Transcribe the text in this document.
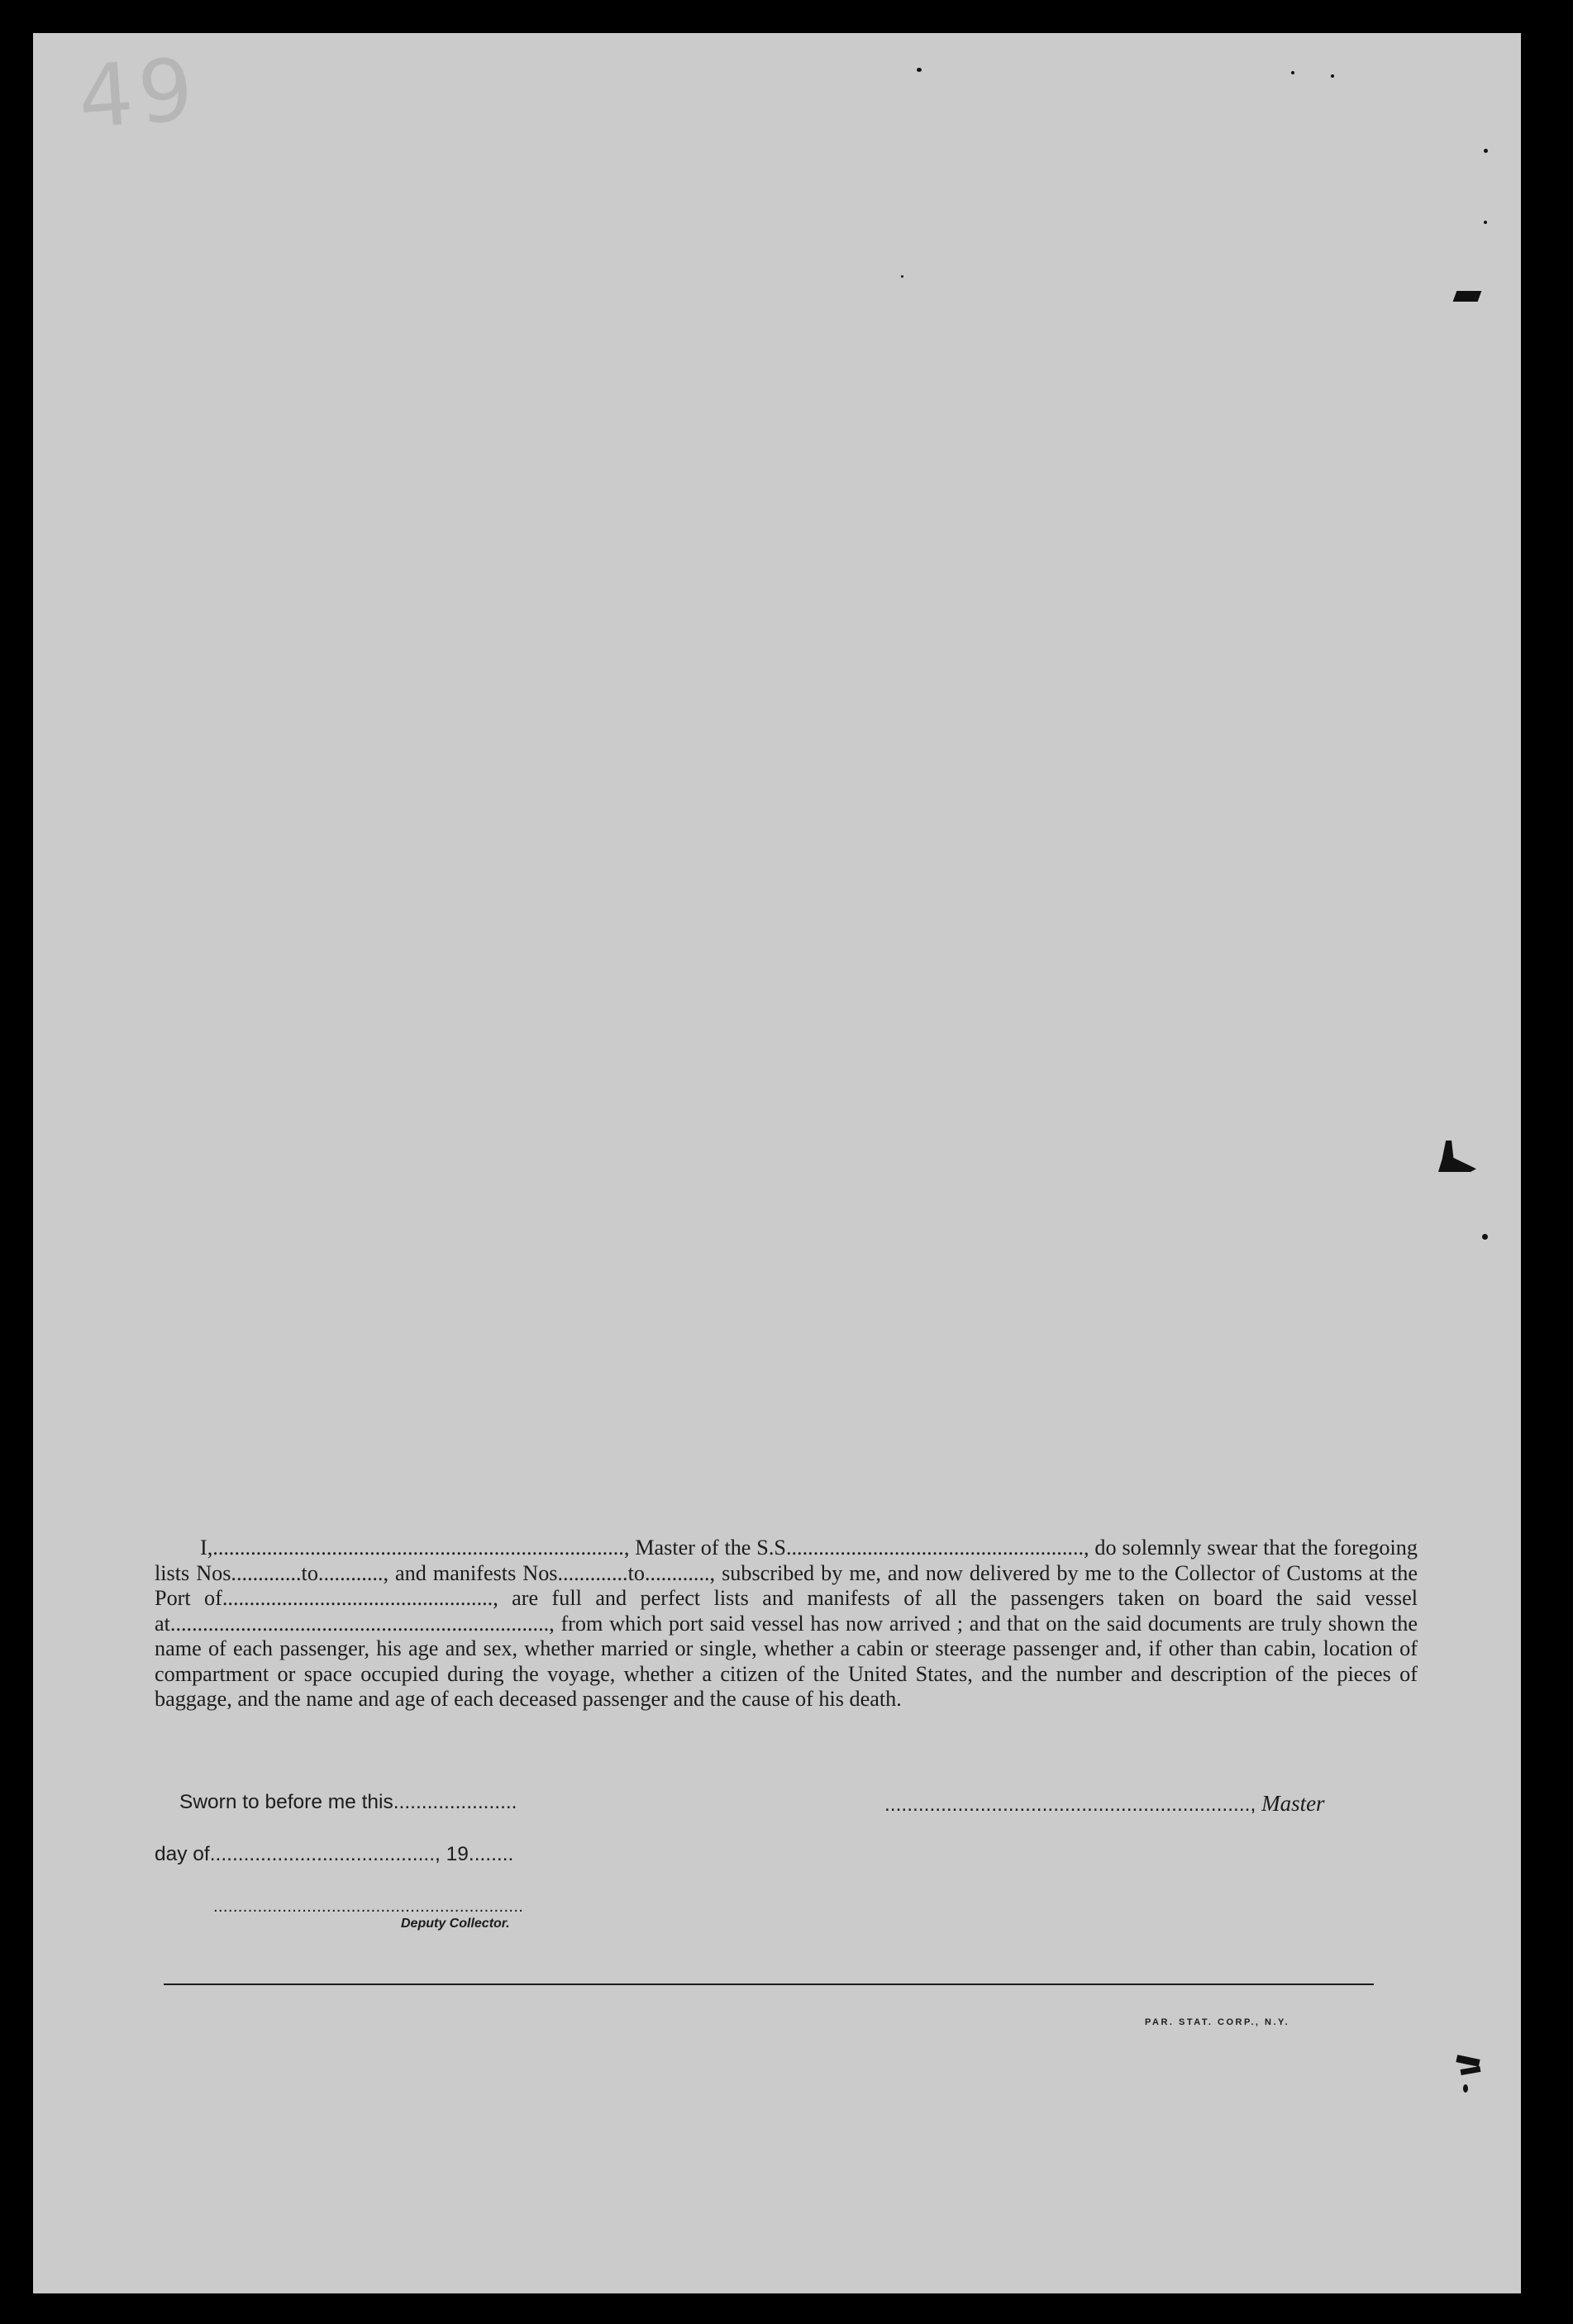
49

I,............................................................................, Master of the S.S......................................................., do solemnly swear that the foregoing lists Nos.............to............, and manifests Nos.............to............, subscribed by me, and now delivered by me to the Collector of Customs at the Port of.................................................., are full and perfect lists and manifests of all the passengers taken on board the said vessel at......................................................................, from which port said vessel has now arrived ; and that on the said documents are truly shown the name of each passenger, his age and sex, whether married or single, whether a cabin or steerage passenger and, if other than cabin, location of compartment or space occupied during the voyage, whether a citizen of the United States, and the number and description of the pieces of baggage, and the name and age of each deceased passenger and the cause of his death.

Sworn to before me this......................	................................................................., Master
day of........................................, 19........
...............................................................
Deputy Collector.
PAR. STAT. CORP., N.Y.
